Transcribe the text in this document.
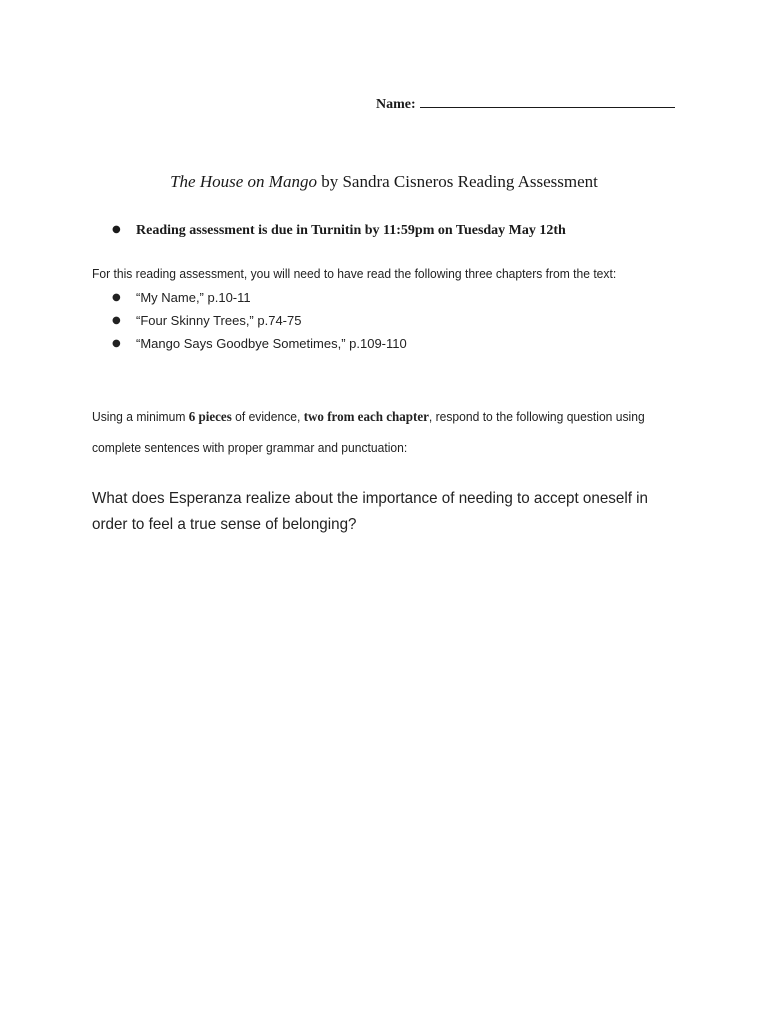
Name:
The House on Mango by Sandra Cisneros Reading Assessment
● Reading assessment is due in Turnitin by 11:59pm on Tuesday May 12th
For this reading assessment, you will need to have read the following three chapters from the text:
● “My Name,” p.10-11
● “Four Skinny Trees,” p.74-75
● “Mango Says Goodbye Sometimes,” p.109-110
Using a minimum 6 pieces of evidence, two from each chapter, respond to the following question using complete sentences with proper grammar and punctuation:
What does Esperanza realize about the importance of needing to accept oneself in order to feel a true sense of belonging?
